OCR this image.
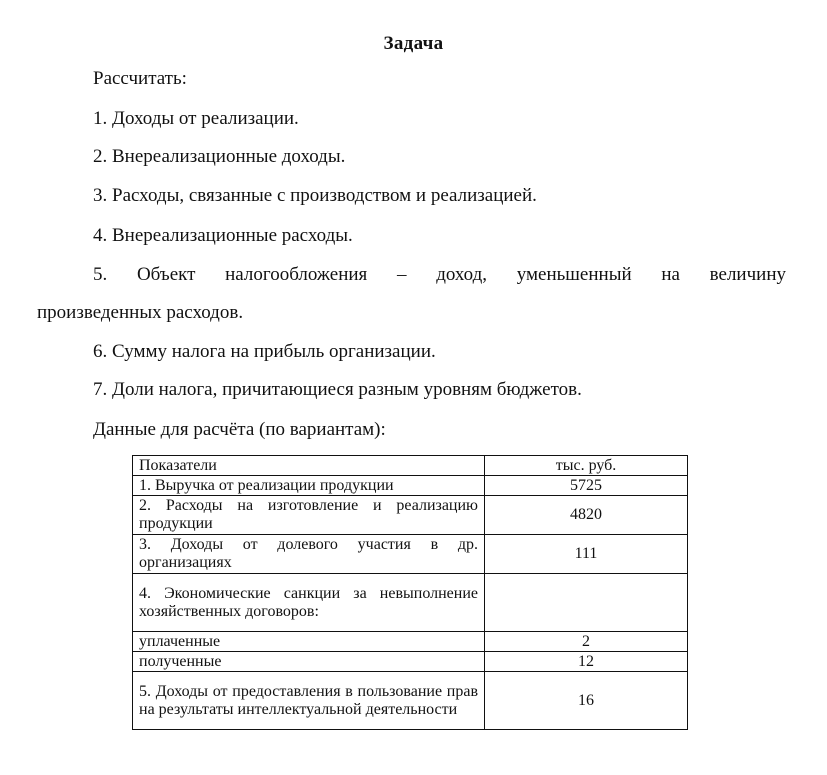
Задача
Рассчитать:
1. Доходы от реализации.
2. Внереализационные доходы.
3. Расходы, связанные с производством и реализацией.
4. Внереализационные расходы.
5. Объект налогообложения – доход, уменьшенный на величину
произведенных расходов.
6. Сумму налога на прибыль организации.
7. Доли налога, причитающиеся разным уровням бюджетов.
Данные для расчёта (по вариантам):
Показатели	тыс. руб.
1. Выручка от реализации продукции	5725
2. Расходы на изготовление и реализацию продукции	4820
3. Доходы от долевого участия в др. организациях	111
4. Экономические санкции за невыполнение хозяйственных договоров:	
уплаченные	2
полученные	12
5. Доходы от предоставления в пользование прав на результаты интеллектуальной деятельности	16
